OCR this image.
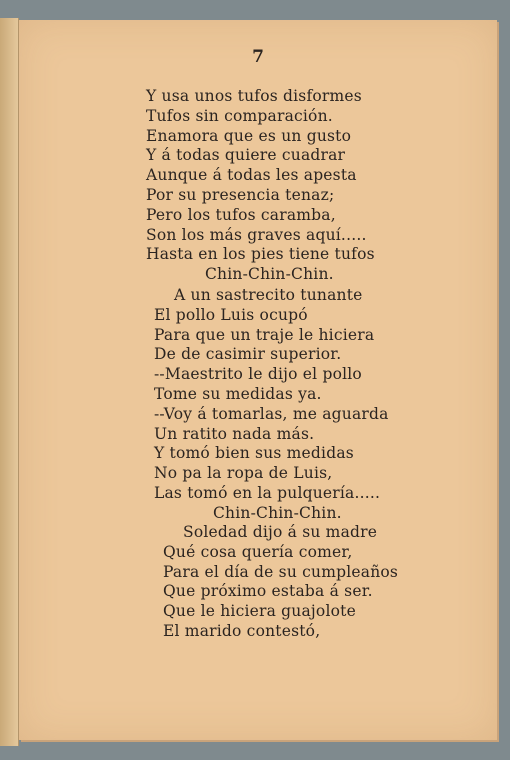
7
Y usa unos tufos disformes
Tufos sin comparación.
Enamora que es un gusto
Y á todas quiere cuadrar
Aunque á todas les apesta
Por su presencia tenaz;
Pero los tufos caramba,
Son los más graves aquí.....
Hasta en los pies tiene tufos
Chin-Chin-Chin.
A un sastrecito tunante
El pollo Luis ocupó
Para que un traje le hiciera
De de casimir superior.
--Maestrito le dijo el pollo
Tome su medidas ya.
--Voy á tomarlas, me aguarda
Un ratito nada más.
Y tomó bien sus medidas
No pa la ropa de Luis,
Las tomó en la pulquería.....
Chin-Chin-Chin.
Soledad dijo á su madre
Qué cosa quería comer,
Para el día de su cumpleaños
Que próximo estaba á ser.
Que le hiciera guajolote
El marido contestó,
